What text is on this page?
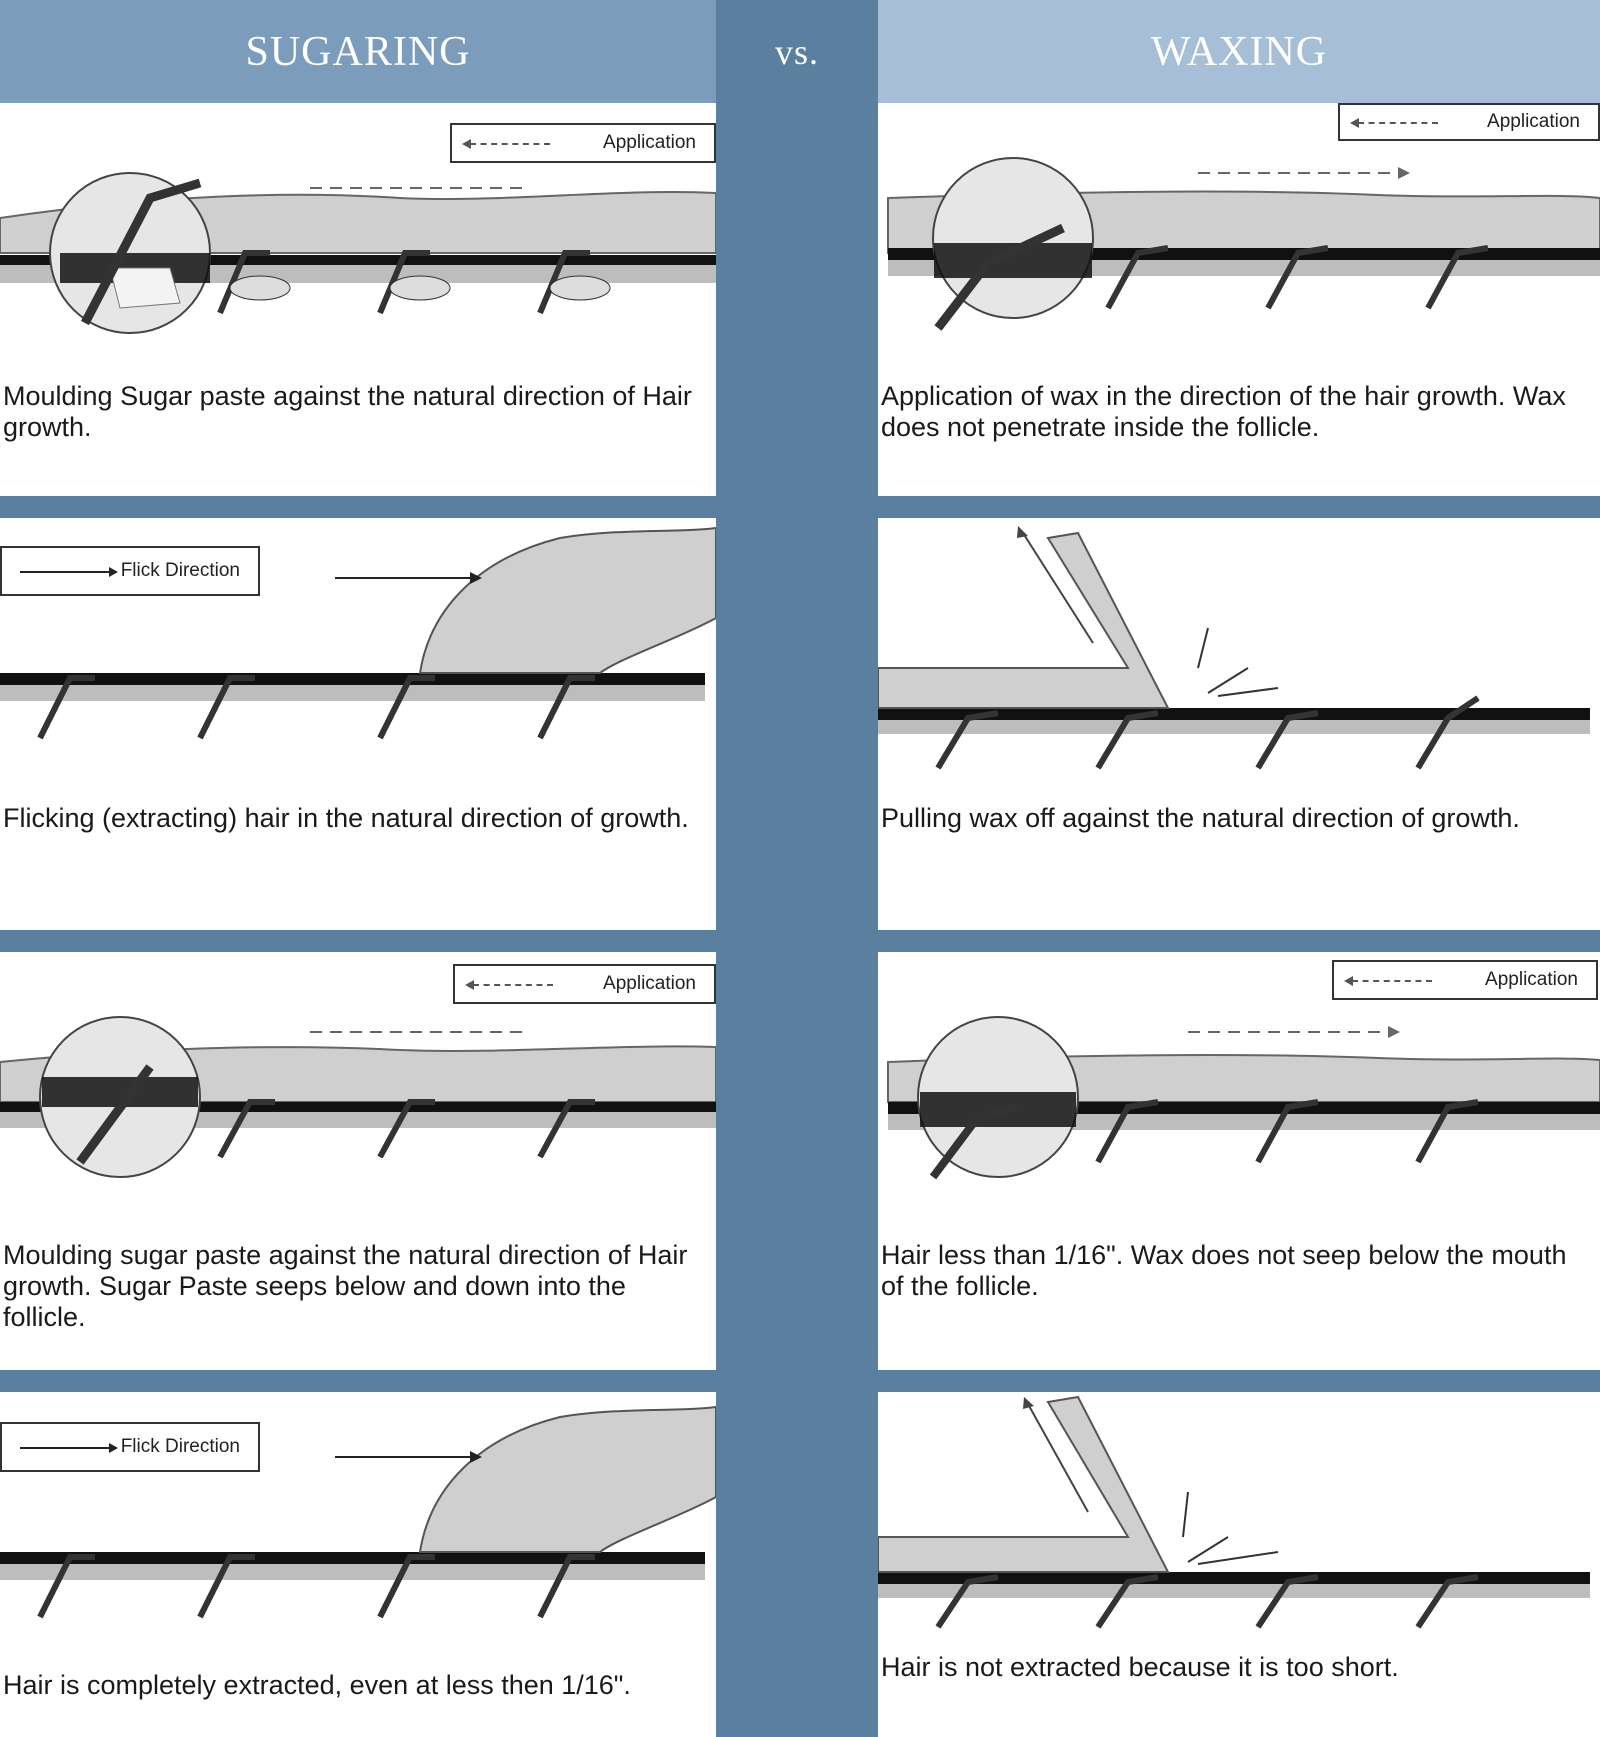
SUGARING	vs.	WAXING
Application
Moulding Sugar paste against the natural direction of Hair growth.
Flick Direction
Flicking (extracting) hair in the natural direction of growth.
Application
Moulding sugar paste against the natural direction of Hair growth. Sugar Paste seeps below and down into the follicle.
Flick Direction
Hair is completely extracted, even at less then 1/16".
Application
Application of wax in the direction of the hair growth. Wax does not penetrate inside the follicle.
Pulling wax off against the natural direction of growth.
Application
Hair less than 1/16". Wax does not seep below the mouth of the follicle.
Hair is not extracted because it is too short.
